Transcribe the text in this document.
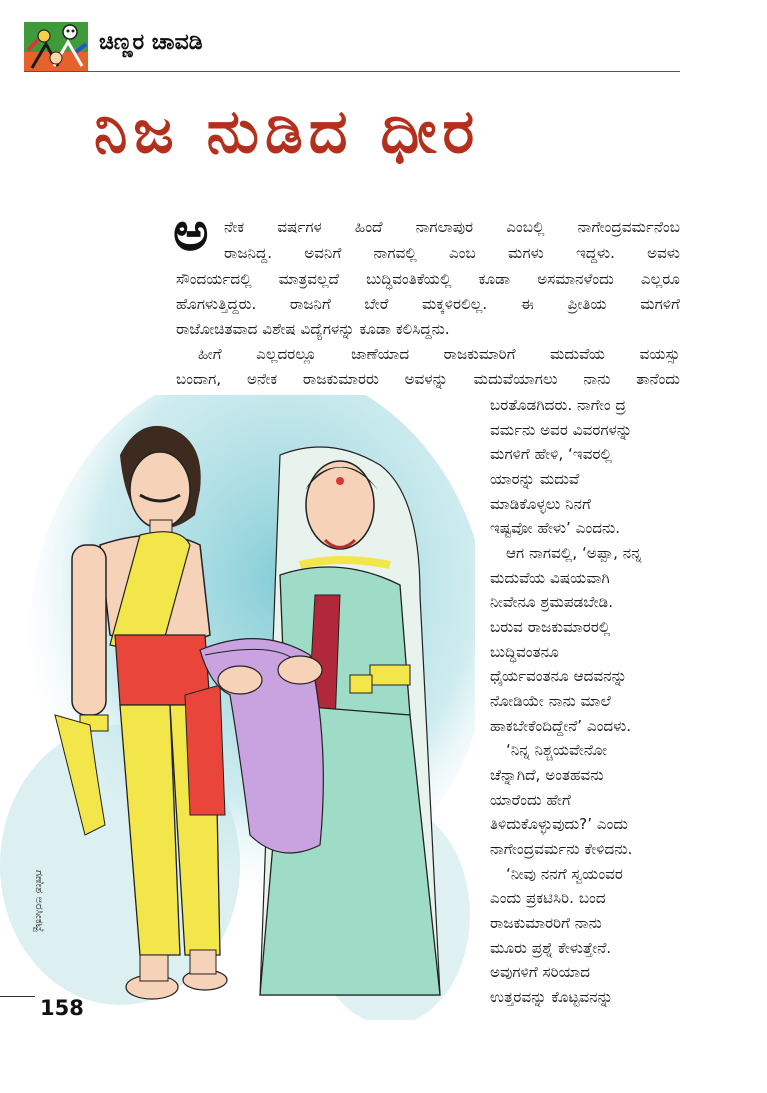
ಚಿಣ್ಣರ ಚಾವಡಿ
ನಿಜ ನುಡಿದ ಧೀರ
ಅ	ನೇಕ ವರ್ಷಗಳ ಹಿಂದೆ ನಾಗಲಾಪುರ ಎಂಬಲ್ಲಿ ನಾಗೇಂದ್ರವರ್ಮನೆಂಬ
ರಾಜನಿದ್ದ. ಅವನಿಗೆ ನಾಗವಲ್ಲಿ ಎಂಬ ಮಗಳು ಇದ್ದಳು. ಅವಳು
ಸೌಂದರ್ಯದಲ್ಲಿ ಮಾತ್ರವಲ್ಲದೆ ಬುದ್ಧಿವಂತಿಕೆಯಲ್ಲಿ ಕೂಡಾ ಅಸಮಾನಳೆಂದು ಎಲ್ಲರೂ
ಹೊಗಳುತ್ತಿದ್ದರು. ರಾಜನಿಗೆ ಬೇರೆ ಮಕ್ಕಳಿರಲಿಲ್ಲ. ಈ ಪ್ರೀತಿಯ ಮಗಳಿಗೆ
ರಾಜೋಚಿತವಾದ ವಿಶೇಷ ವಿದ್ಯೆಗಳನ್ನು ಕೂಡಾ ಕಲಿಸಿದ್ದನು.
ಹೀಗೆ ಎಲ್ಲದರಲ್ಲೂ ಜಾಣೆಯಾದ ರಾಜಕುಮಾರಿಗೆ ಮದುವೆಯ ವಯಸ್ಸು
ಬಂದಾಗ, ಅನೇಕ ರಾಜಕುಮಾರರು ಅವಳನ್ನು ಮದುವೆಯಾಗಲು ನಾನು ತಾನೆಂದು
ಬರತೊಡಗಿದರು. ನಾಗೇಂ ದ್ರ
ವರ್ಮನು ಅವರ ವಿವರಗಳನ್ನು
ಮಗಳಿಗೆ ಹೇಳಿ, ‘ಇವರಲ್ಲಿ
ಯಾರನ್ನು ಮದುವೆ
ಮಾಡಿಕೊಳ್ಳಲು ನಿನಗೆ
ಇಷ್ಟವೋ ಹೇಳು’ ಎಂದನು.
ಆಗ ನಾಗವಲ್ಲಿ, ‘ಅಪ್ಪಾ, ನನ್ನ
ಮದುವೆಯ ವಿಷಯವಾಗಿ
ನೀವೇನೂ ಶ್ರಮಪಡಬೇಡಿ.
ಬರುವ ರಾಜಕುಮಾರರಲ್ಲಿ
ಬುದ್ಧಿವಂತನೂ
ಧೈರ್ಯವಂತನೂ ಆದವನನ್ನು
ನೋಡಿಯೇ ನಾನು ಮಾಲೆ
ಹಾಕಬೇಕೆಂದಿದ್ದೇನೆ’ ಎಂದಳು.
‘ನಿನ್ನ ನಿಶ್ಚಯವೇನೋ
ಚೆನ್ನಾಗಿದೆ, ಅಂತಹವನು
ಯಾರೆಂದು ಹೇಗೆ
ತಿಳಿದುಕೊಳ್ಳುವುದು?’ ಎಂದು
ನಾಗೇಂದ್ರವರ್ಮನು ಕೇಳಿದನು.
‘ನೀವು ನನಗೆ ಸ್ವಯಂವರ
ಎಂದು ಪ್ರಕಟಿಸಿರಿ. ಬಂದ
ರಾಜಕುಮಾರರಿಗೆ ನಾನು
ಮೂರು ಪ್ರಶ್ನೆ ಕೇಳುತ್ತೇನೆ.
ಅವುಗಳಿಗೆ ಸರಿಯಾದ
ಉತ್ತರವನ್ನು ಕೊಟ್ಟವನನ್ನು
ಗಣೇಶ ಅರಸೀಕಟ್ಟೆ
158
